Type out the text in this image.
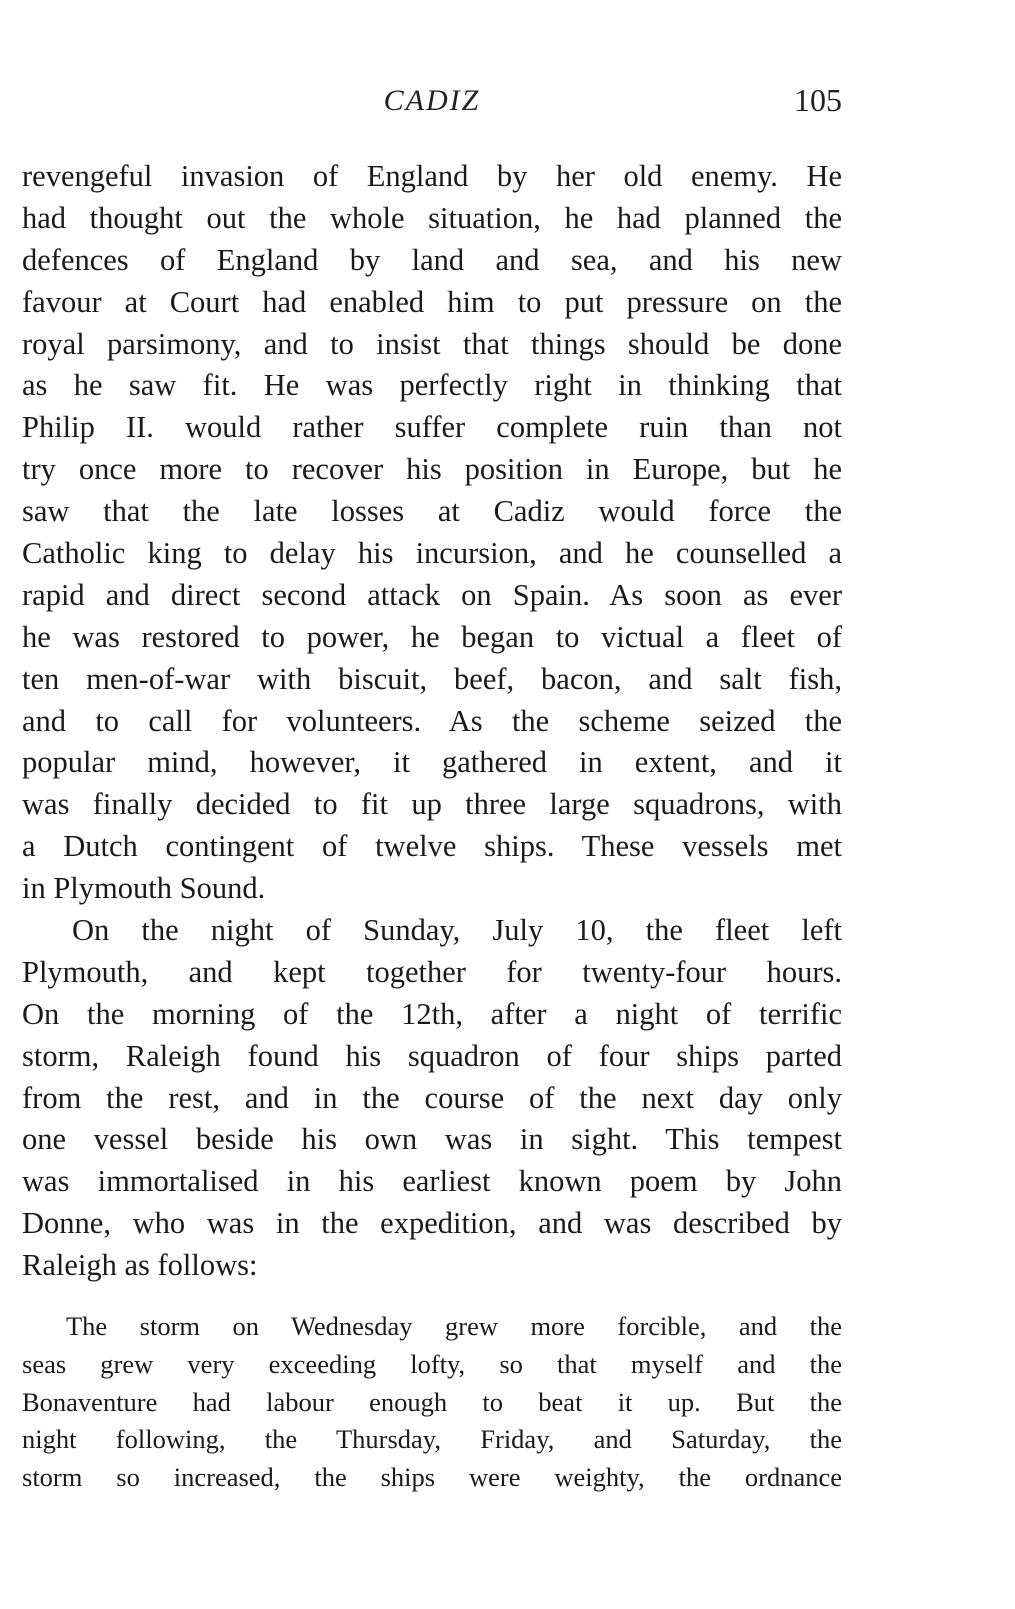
CADIZ	105
revengeful invasion of England by her old enemy. He
had thought out the whole situation, he had planned the
defences of England by land and sea, and his new
favour at Court had enabled him to put pressure on the
royal parsimony, and to insist that things should be done
as he saw fit. He was perfectly right in thinking that
Philip II. would rather suffer complete ruin than not
try once more to recover his position in Europe, but he
saw that the late losses at Cadiz would force the
Catholic king to delay his incursion, and he counselled a
rapid and direct second attack on Spain. As soon as ever
he was restored to power, he began to victual a fleet of
ten men-of-war with biscuit, beef, bacon, and salt fish,
and to call for volunteers. As the scheme seized the
popular mind, however, it gathered in extent, and it
was finally decided to fit up three large squadrons, with
a Dutch contingent of twelve ships. These vessels met
in Plymouth Sound.
On the night of Sunday, July 10, the fleet left
Plymouth, and kept together for twenty-four hours.
On the morning of the 12th, after a night of terrific
storm, Raleigh found his squadron of four ships parted
from the rest, and in the course of the next day only
one vessel beside his own was in sight. This tempest
was immortalised in his earliest known poem by John
Donne, who was in the expedition, and was described by
Raleigh as follows:
The storm on Wednesday grew more forcible, and the
seas grew very exceeding lofty, so that myself and the
Bonaventure had labour enough to beat it up. But the
night following, the Thursday, Friday, and Saturday, the
storm so increased, the ships were weighty, the ordnance
